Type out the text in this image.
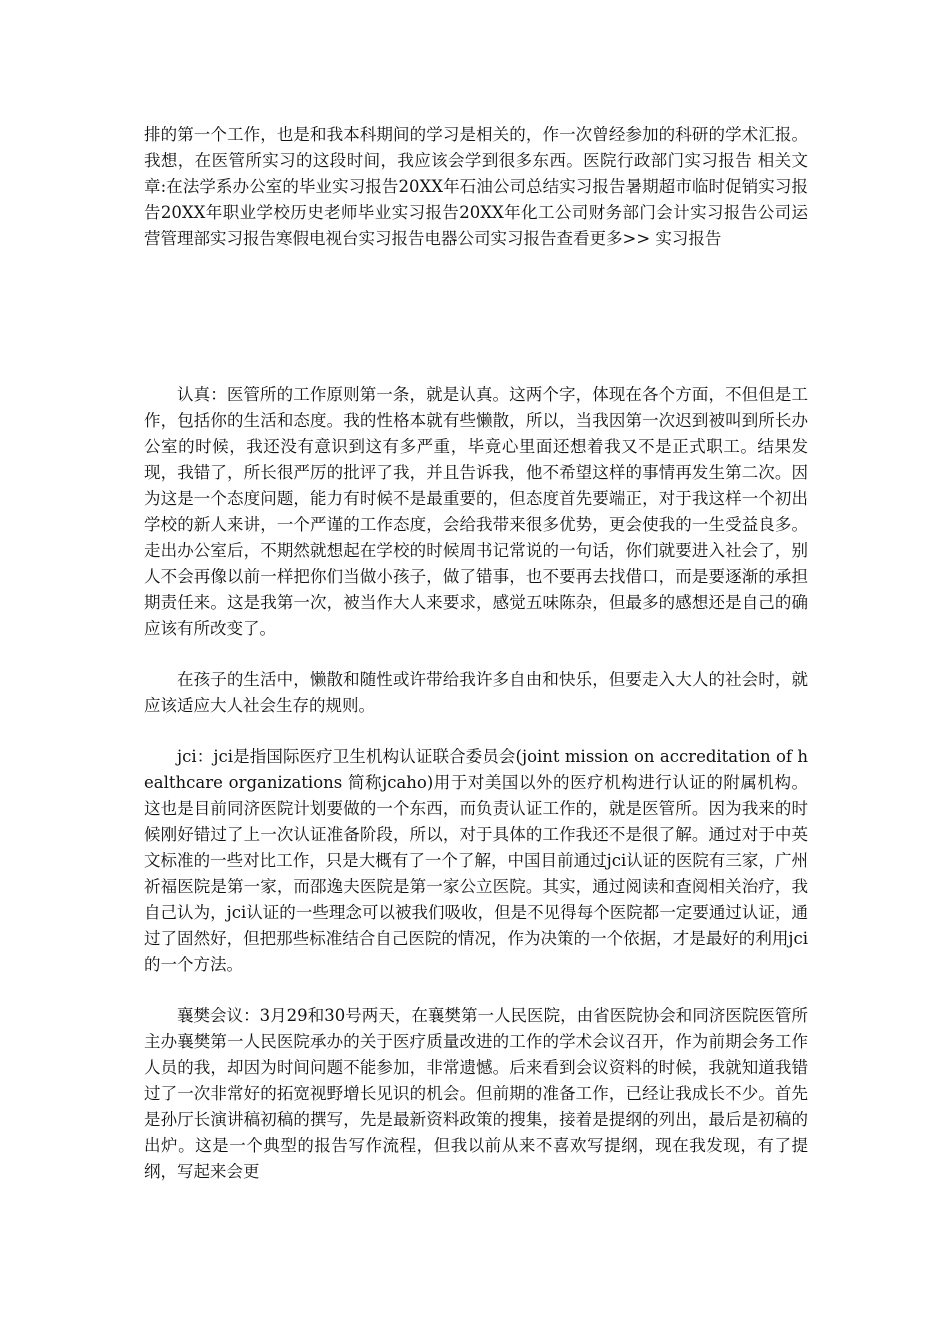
排的第一个工作，也是和我本科期间的学习是相关的，作一次曾经参加的科研的学术汇报。我想，在医管所实习的这段时间，我应该会学到很多东西。医院行政部门实习报告 相关文章:在法学系办公室的毕业实习报告20XX年石油公司总结实习报告暑期超市临时促销实习报告20XX年职业学校历史老师毕业实习报告20XX年化工公司财务部门会计实习报告公司运营管理部实习报告寒假电视台实习报告电器公司实习报告查看更多>> 实习报告

认真：医管所的工作原则第一条，就是认真。这两个字，体现在各个方面，不但但是工作，包括你的生活和态度。我的性格本就有些懒散，所以，当我因第一次迟到被叫到所长办公室的时候，我还没有意识到这有多严重，毕竟心里面还想着我又不是正式职工。结果发现，我错了，所长很严厉的批评了我，并且告诉我，他不希望这样的事情再发生第二次。因为这是一个态度问题，能力有时候不是最重要的，但态度首先要端正，对于我这样一个初出学校的新人来讲，一个严谨的工作态度，会给我带来很多优势，更会使我的一生受益良多。走出办公室后，不期然就想起在学校的时候周书记常说的一句话，你们就要进入社会了，别人不会再像以前一样把你们当做小孩子，做了错事，也不要再去找借口，而是要逐渐的承担期责任来。这是我第一次，被当作大人来要求，感觉五味陈杂，但最多的感想还是自己的确应该有所改变了。

在孩子的生活中，懒散和随性或许带给我许多自由和快乐，但要走入大人的社会时，就应该适应大人社会生存的规则。

jci：jci是指国际医疗卫生机构认证联合委员会(joint mission on accreditation of healthcare organizations 简称jcaho)用于对美国以外的医疗机构进行认证的附属机构。这也是目前同济医院计划要做的一个东西，而负责认证工作的，就是医管所。因为我来的时候刚好错过了上一次认证准备阶段，所以，对于具体的工作我还不是很了解。通过对于中英文标准的一些对比工作，只是大概有了一个了解，中国目前通过jci认证的医院有三家，广州祈福医院是第一家，而邵逸夫医院是第一家公立医院。其实，通过阅读和查阅相关治疗，我自己认为，jci认证的一些理念可以被我们吸收，但是不见得每个医院都一定要通过认证，通过了固然好，但把那些标准结合自己医院的情况，作为决策的一个依据，才是最好的利用jci的一个方法。

襄樊会议：3月29和30号两天，在襄樊第一人民医院，由省医院协会和同济医院医管所主办襄樊第一人民医院承办的关于医疗质量改进的工作的学术会议召开，作为前期会务工作人员的我，却因为时间问题不能参加，非常遗憾。后来看到会议资料的时候，我就知道我错过了一次非常好的拓宽视野增长见识的机会。但前期的准备工作，已经让我成长不少。首先是孙厅长演讲稿初稿的撰写，先是最新资料政策的搜集，接着是提纲的列出，最后是初稿的出炉。这是一个典型的报告写作流程，但我以前从来不喜欢写提纲，现在我发现，有了提纲，写起来会更
